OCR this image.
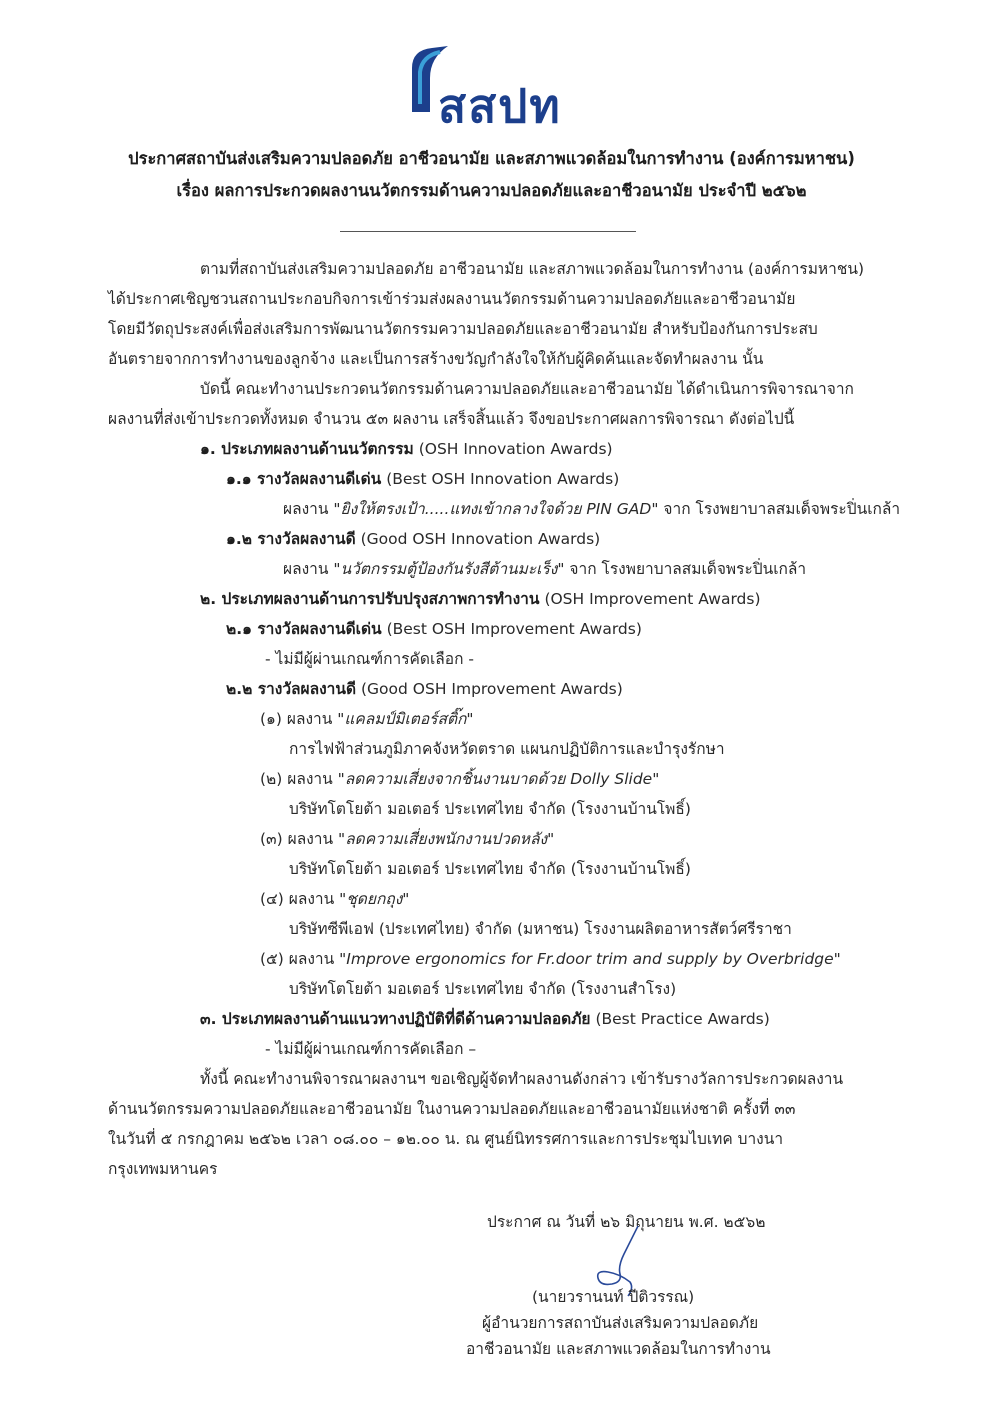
สสปท
ประกาศสถาบันส่งเสริมความปลอดภัย อาชีวอนามัย และสภาพแวดล้อมในการทำงาน (องค์การมหาชน)
เรื่อง ผลการประกวดผลงานนวัตกรรมด้านความปลอดภัยและอาชีวอนามัย ประจำปี ๒๕๖๒
ตามที่สถาบันส่งเสริมความปลอดภัย อาชีวอนามัย และสภาพแวดล้อมในการทำงาน (องค์การมหาชน)
ได้ประกาศเชิญชวนสถานประกอบกิจการเข้าร่วมส่งผลงานนวัตกรรมด้านความปลอดภัยและอาชีวอนามัย
โดยมีวัตถุประสงค์เพื่อส่งเสริมการพัฒนานวัตกรรมความปลอดภัยและอาชีวอนามัย สำหรับป้องกันการประสบ
อันตรายจากการทำงานของลูกจ้าง และเป็นการสร้างขวัญกำลังใจให้กับผู้คิดค้นและจัดทำผลงาน นั้น
บัดนี้ คณะทำงานประกวดนวัตกรรมด้านความปลอดภัยและอาชีวอนามัย ได้ดำเนินการพิจารณาจาก
ผลงานที่ส่งเข้าประกวดทั้งหมด จำนวน ๕๓ ผลงาน เสร็จสิ้นแล้ว จึงขอประกาศผลการพิจารณา ดังต่อไปนี้
๑. ประเภทผลงานด้านนวัตกรรม (OSH Innovation Awards)
๑.๑ รางวัลผลงานดีเด่น (Best OSH Innovation Awards)
ผลงาน "ยิงให้ตรงเป้า.....แทงเข้ากลางใจด้วย PIN GAD" จาก โรงพยาบาลสมเด็จพระปิ่นเกล้า
๑.๒ รางวัลผลงานดี (Good OSH Innovation Awards)
ผลงาน "นวัตกรรมตู้ป้องกันรังสีต้านมะเร็ง" จาก โรงพยาบาลสมเด็จพระปิ่นเกล้า
๒. ประเภทผลงานด้านการปรับปรุงสภาพการทำงาน (OSH Improvement Awards)
๒.๑ รางวัลผลงานดีเด่น (Best OSH Improvement Awards)
- ไม่มีผู้ผ่านเกณฑ์การคัดเลือก -
๒.๒ รางวัลผลงานดี (Good OSH Improvement Awards)
(๑) ผลงาน "แคลมป์มิเตอร์สติ๊ก"
การไฟฟ้าส่วนภูมิภาคจังหวัดตราด แผนกปฏิบัติการและบำรุงรักษา
(๒) ผลงาน "ลดความเสี่ยงจากชิ้นงานบาดด้วย Dolly Slide"
บริษัทโตโยต้า มอเตอร์ ประเทศไทย จำกัด (โรงงานบ้านโพธิ์)
(๓) ผลงาน "ลดความเสี่ยงพนักงานปวดหลัง"
บริษัทโตโยต้า มอเตอร์ ประเทศไทย จำกัด (โรงงานบ้านโพธิ์)
(๔) ผลงาน "ชุดยกถุง"
บริษัทซีพีเอฟ (ประเทศไทย) จำกัด (มหาชน) โรงงานผลิตอาหารสัตว์ศรีราชา
(๕) ผลงาน "Improve ergonomics for Fr.door trim and supply by Overbridge"
บริษัทโตโยต้า มอเตอร์ ประเทศไทย จำกัด (โรงงานสำโรง)
๓. ประเภทผลงานด้านแนวทางปฏิบัติที่ดีด้านความปลอดภัย (Best Practice Awards)
- ไม่มีผู้ผ่านเกณฑ์การคัดเลือก –
ทั้งนี้ คณะทำงานพิจารณาผลงานฯ ขอเชิญผู้จัดทำผลงานดังกล่าว เข้ารับรางวัลการประกวดผลงาน
ด้านนวัตกรรมความปลอดภัยและอาชีวอนามัย ในงานความปลอดภัยและอาชีวอนามัยแห่งชาติ ครั้งที่ ๓๓
ในวันที่ ๕ กรกฎาคม ๒๕๖๒ เวลา ๐๘.๐๐ – ๑๒.๐๐ น. ณ ศูนย์นิทรรศการและการประชุมไบเทค บางนา
กรุงเทพมหานคร
ประกาศ ณ วันที่ ๒๖ มิถุนายน พ.ศ. ๒๕๖๒
(นายวรานนท์ ปีติวรรณ)
ผู้อำนวยการสถาบันส่งเสริมความปลอดภัย
อาชีวอนามัย และสภาพแวดล้อมในการทำงาน
